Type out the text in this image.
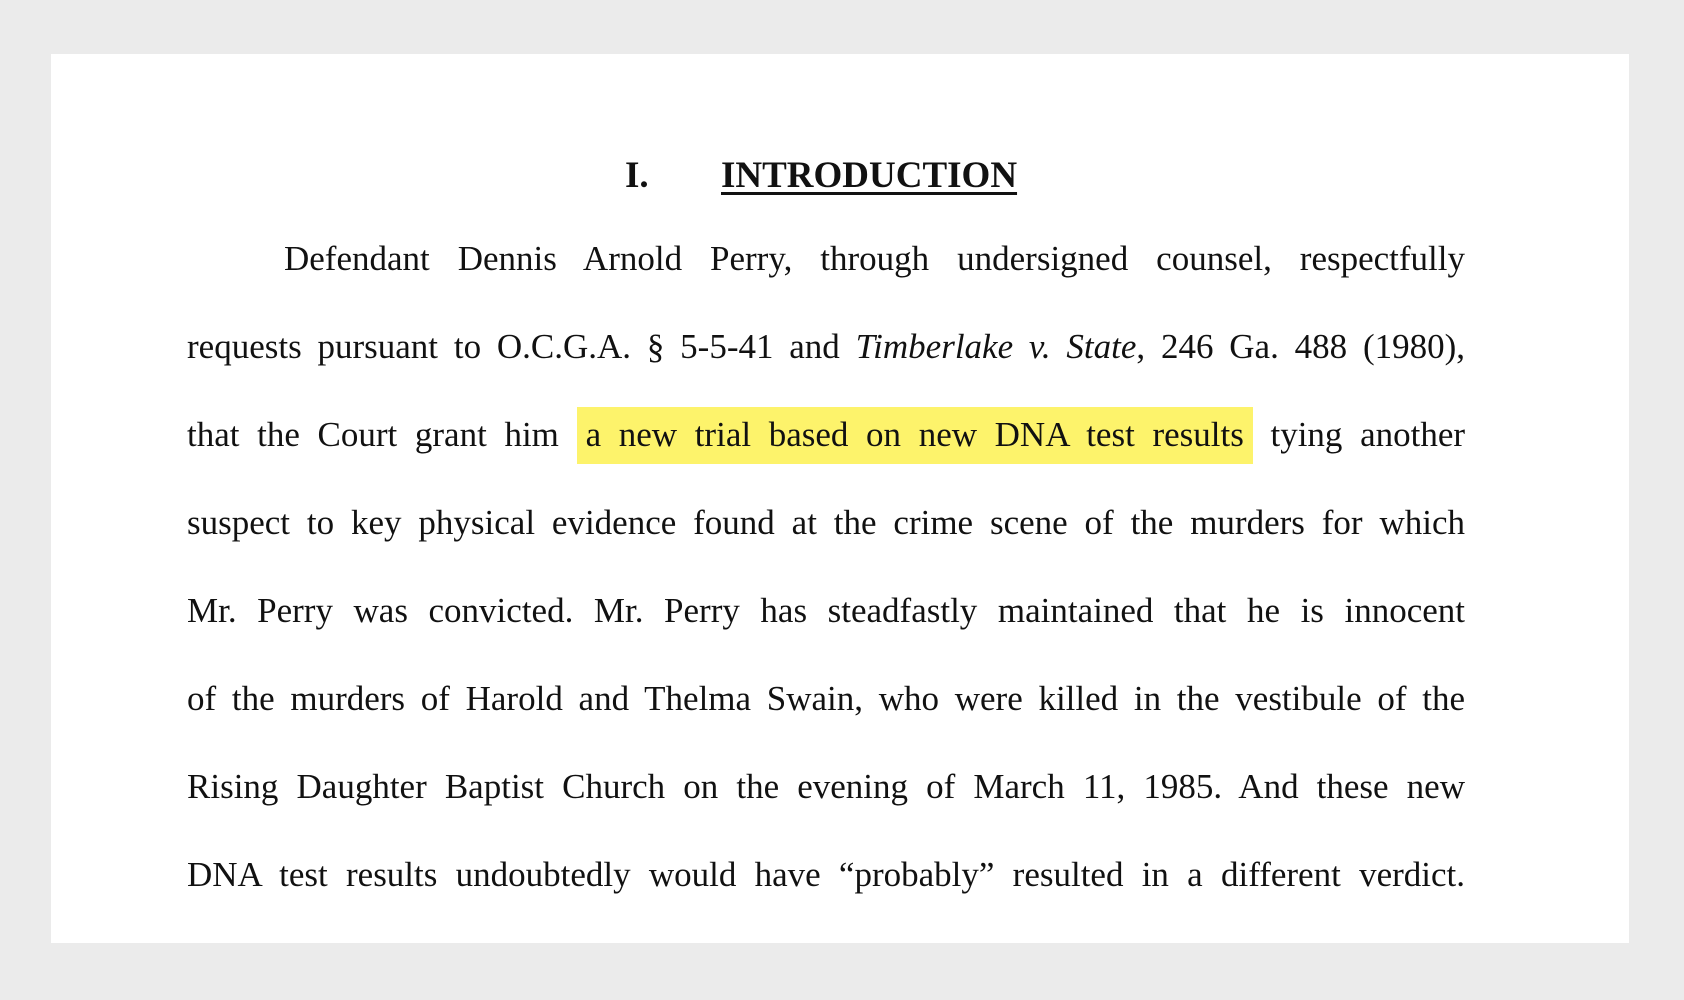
I. INTRODUCTION
Defendant Dennis Arnold Perry, through undersigned counsel, respectfully
requests pursuant to O.C.G.A. § 5-5-41 and Timberlake v. State, 246 Ga. 488 (1980),
that the Court grant him a new trial based on new DNA test results tying another
suspect to key physical evidence found at the crime scene of the murders for which
Mr. Perry was convicted. Mr. Perry has steadfastly maintained that he is innocent
of the murders of Harold and Thelma Swain, who were killed in the vestibule of the
Rising Daughter Baptist Church on the evening of March 11, 1985. And these new
DNA test results undoubtedly would have “probably” resulted in a different verdict.
